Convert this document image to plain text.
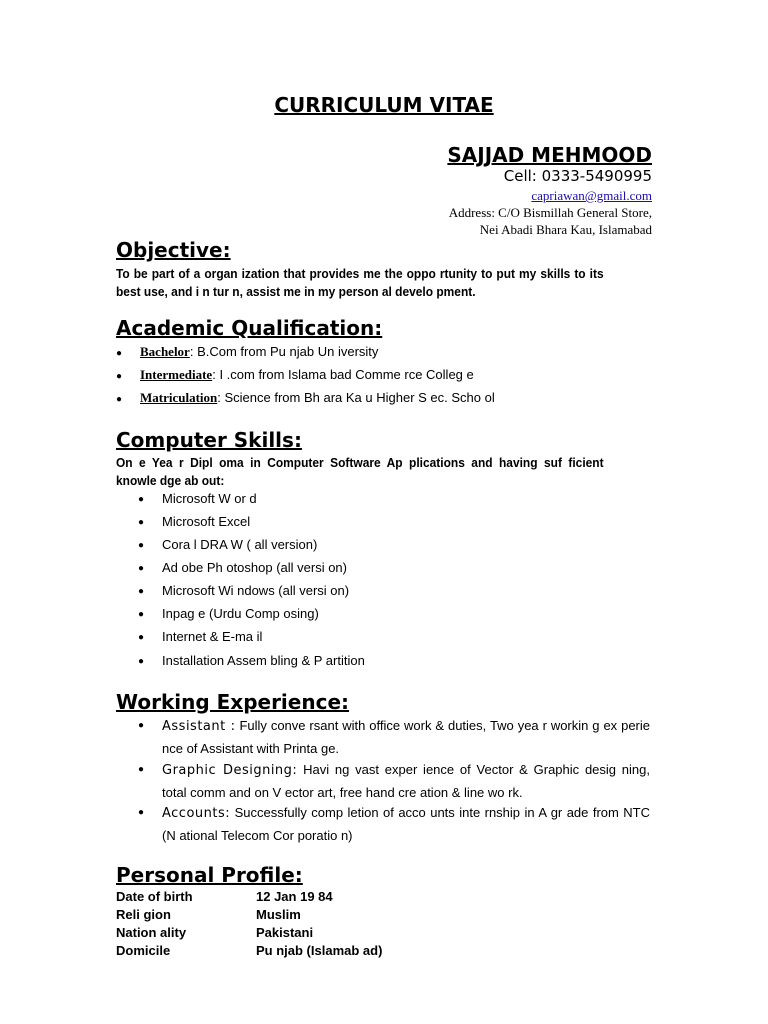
CURRICULUM VITAE
SAJJAD MEHMOOD
Cell: 0333-5490995
capriawan@gmail.com
Address: C/O Bismillah General Store,
Nei Abadi Bhara Kau, Islamabad
Objective:
To be part of a organ ization that provides me the oppo rtunity to put my skills to its best use, and i n tur n, assist me in my person al develo pment.
Academic Qualification:
● Bachelor: B.Com from Pu njab Un iversity
● Intermediate: I .com from Islama bad Comme rce Colleg e
● Matriculation: Science from Bh ara Ka u Higher S ec. Scho ol
Computer Skills:
On e Yea r Dipl oma in Computer Software Ap plications and having suf ficient knowle dge ab out:
● Microsoft W or d
● Microsoft Excel
● Cora l DRA W ( all version)
● Ad obe Ph otoshop (all versi on)
● Microsoft Wi ndows (all versi on)
● Inpag e (Urdu Comp osing)
● Internet & E-ma il
● Installation Assem bling & P artition
Working Experience:
● Assistant : Fully conve rsant with office work & duties, Two yea r workin g ex perie nce of Assistant with Printa ge.
● Graphic Designing: Havi ng vast exper ience of Vector & Graphic desig ning, total comm and on V ector art, free hand cre ation & line wo rk.
● Accounts: Successfully comp letion of acco unts inte rnship in A gr ade from NTC (N ational Telecom Cor poratio n)
Personal Profile:
Date of birth	12 Jan 19 84
Reli gion	Muslim
Nation ality	Pakistani
Domicile	Pu njab (Islamab ad)
